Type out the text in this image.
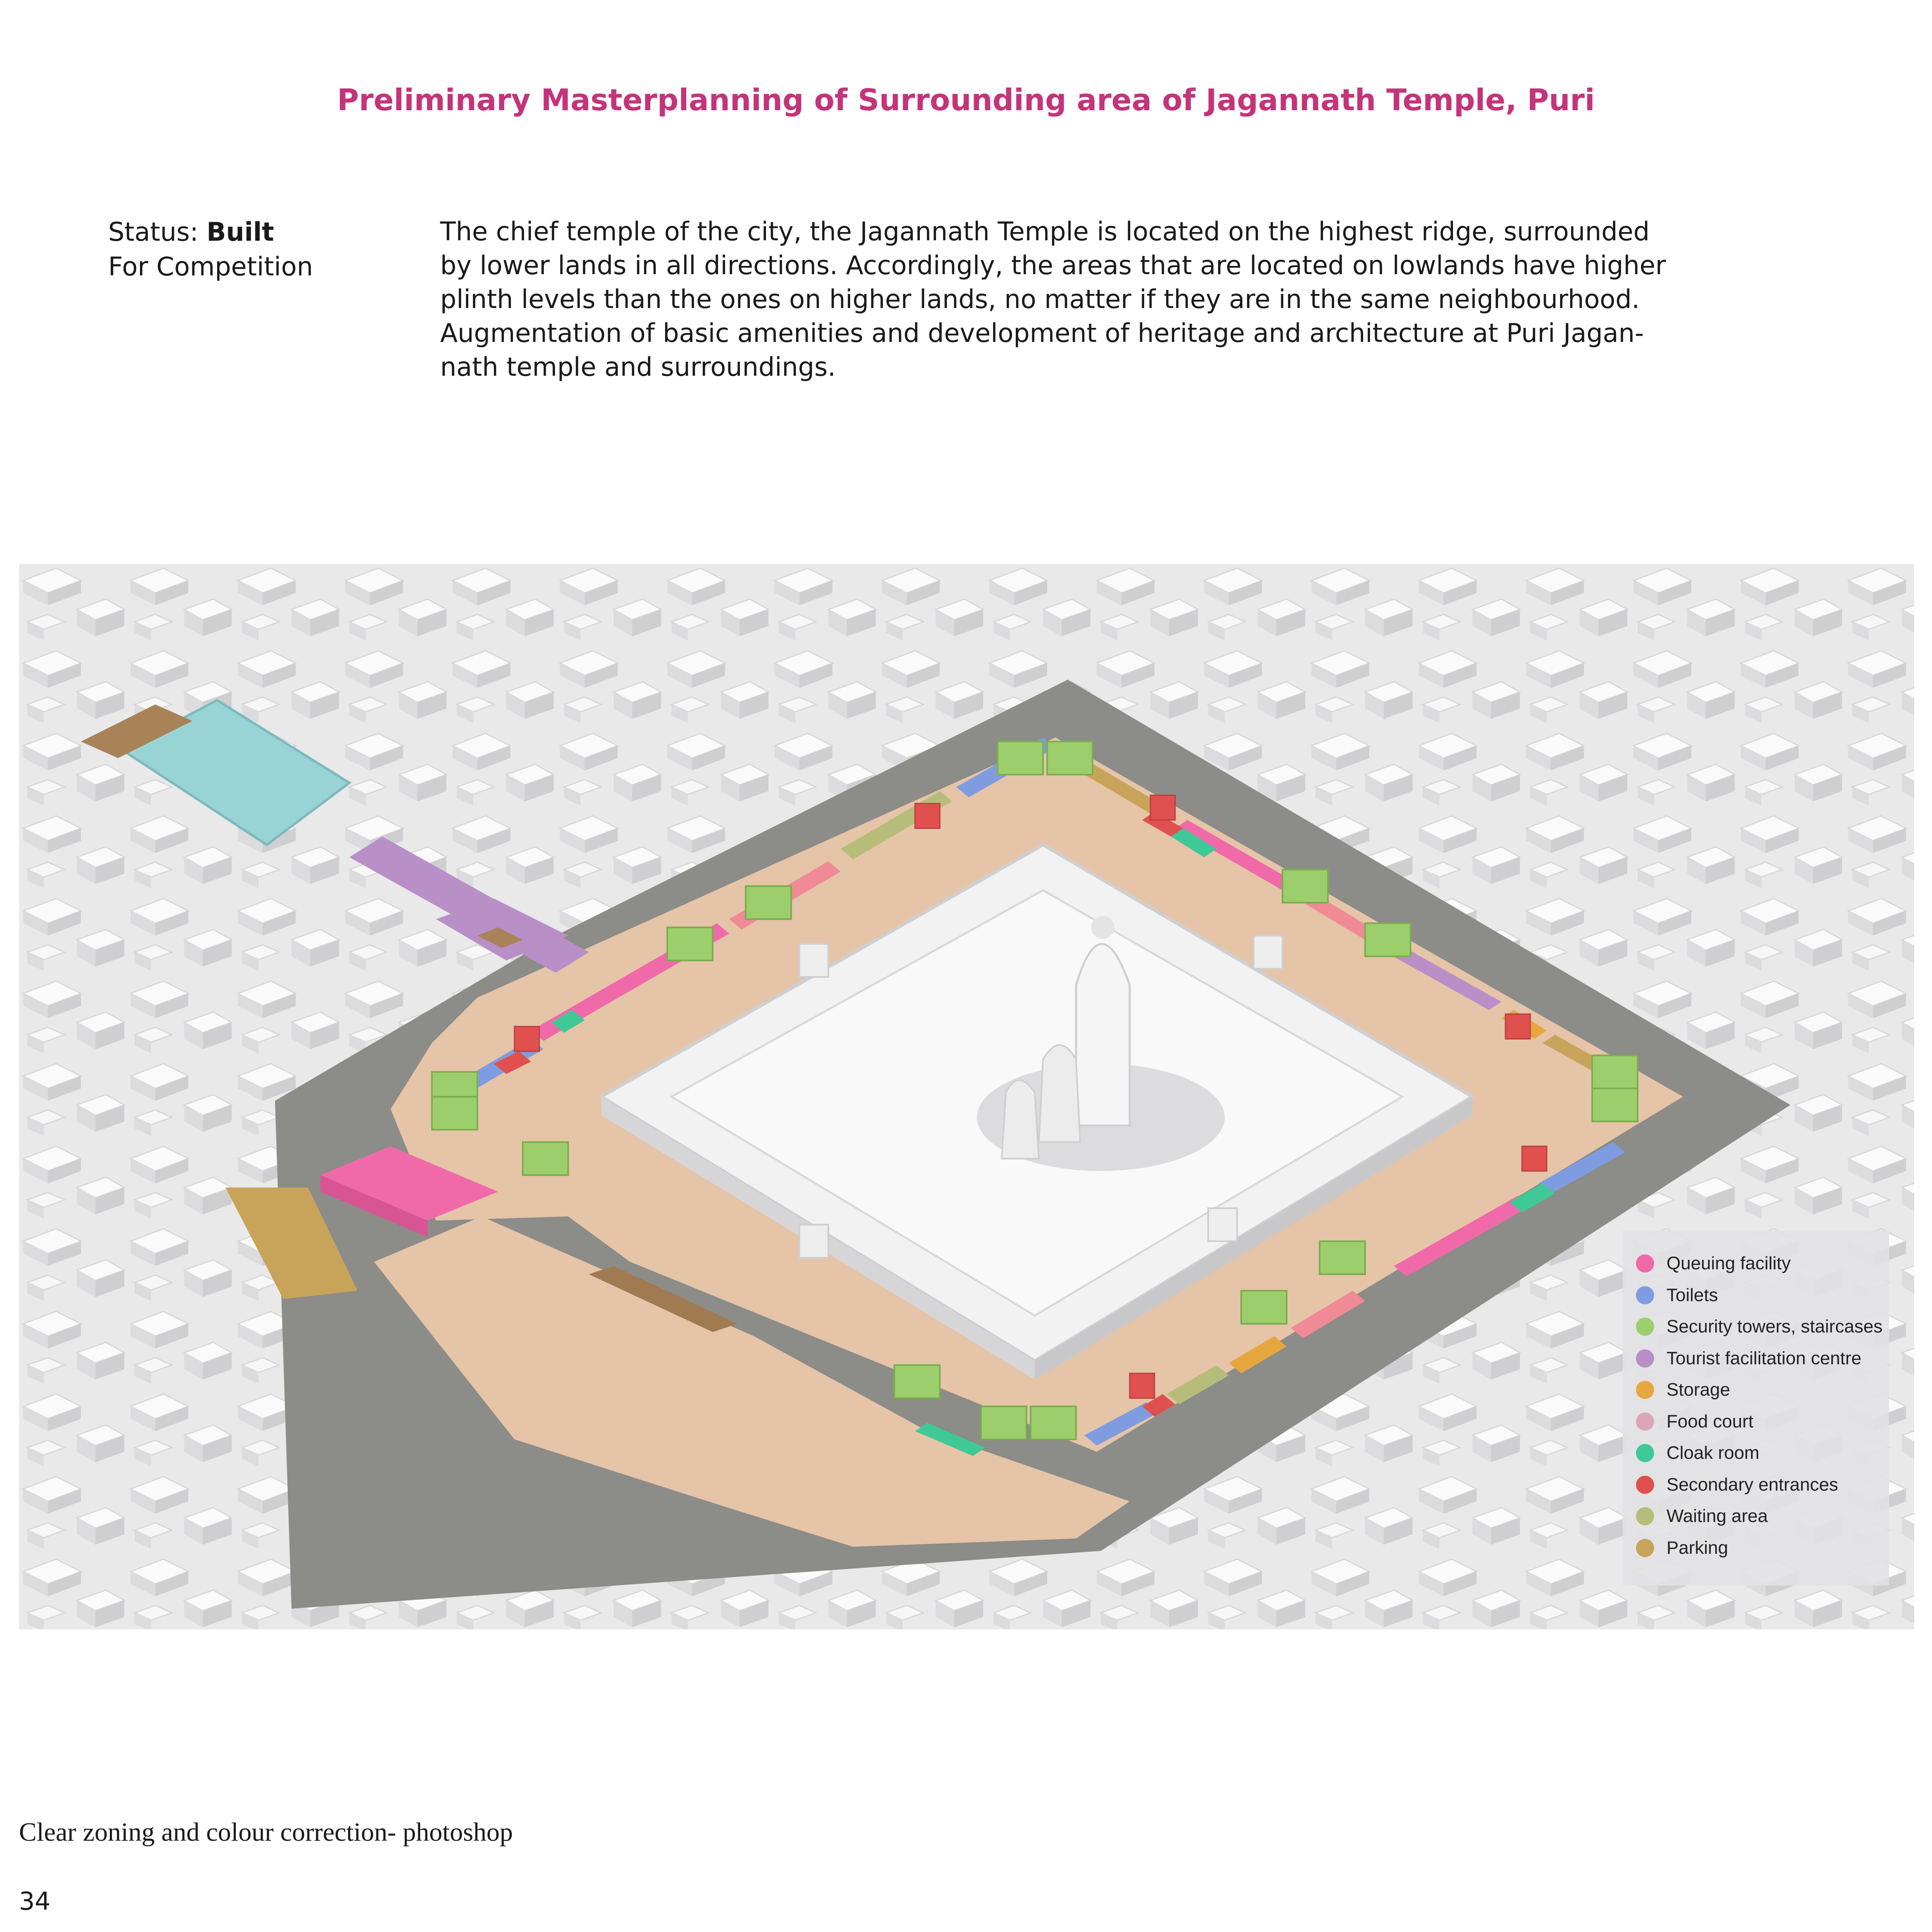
Preliminary Masterplanning of Surrounding area of Jagannath Temple, Puri
Status: Built
For Competition

The chief temple of the city, the Jagannath Temple is located on the highest ridge, surrounded

by lower lands in all directions. Accordingly, the areas that are located on lowlands have higher

plinth levels than the ones on higher lands, no matter if they are in the same neighbourhood.

Augmentation of basic amenities and development of heritage and architecture at Puri Jagan-

nath temple and surroundings.

Queuing facility
Toilets
Security towers, staircases
Tourist facilitation centre
Storage
Food court
Cloak room
Secondary entrances
Waiting area
Parking
Clear zoning and colour correction- photoshop
34
